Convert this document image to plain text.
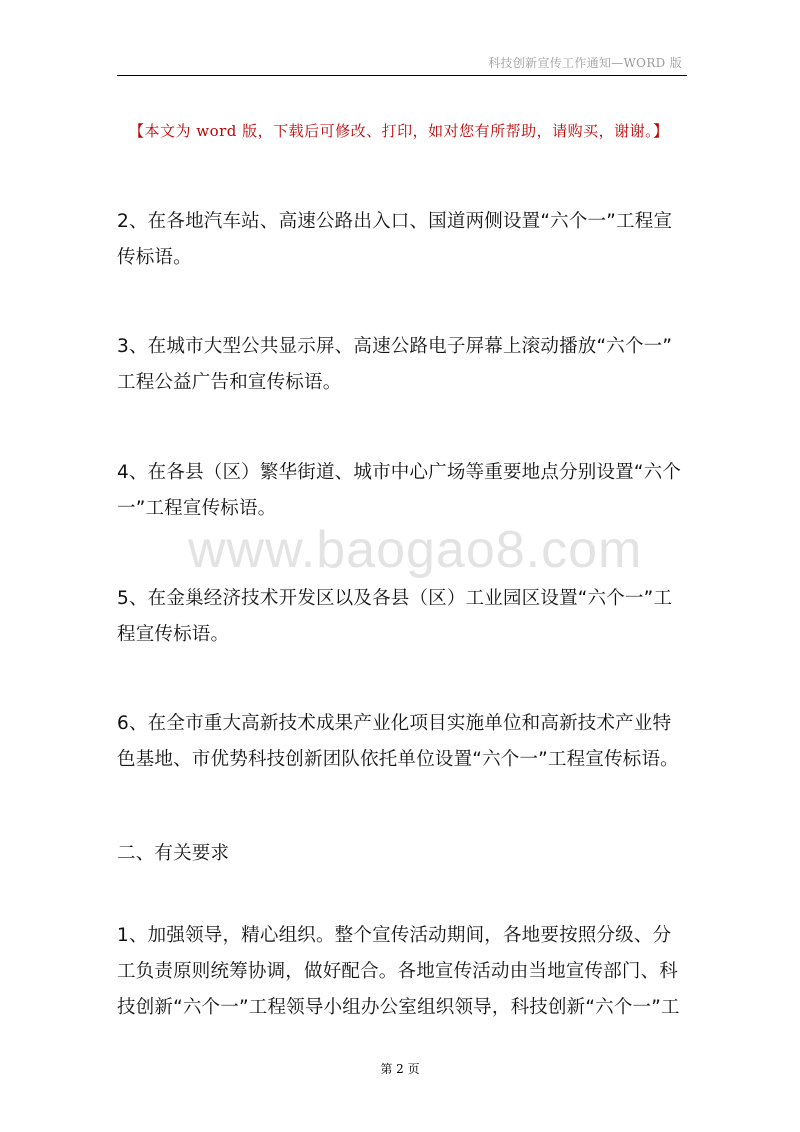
科技创新宣传工作通知—WORD 版
【本文为 word 版，下载后可修改、打印，如对您有所帮助，请购买，谢谢。】
2、在各地汽车站、高速公路出入口、国道两侧设置“六个一”工程宣
传标语。
3、在城市大型公共显示屏、高速公路电子屏幕上滚动播放“六个一”
工程公益广告和宣传标语。
4、在各县（区）繁华街道、城市中心广场等重要地点分别设置“六个
一”工程宣传标语。
5、在金巢经济技术开发区以及各县（区）工业园区设置“六个一”工
程宣传标语。
6、在全市重大高新技术成果产业化项目实施单位和高新技术产业特
色基地、市优势科技创新团队依托单位设置“六个一”工程宣传标语。
二、有关要求
1、加强领导，精心组织。整个宣传活动期间，各地要按照分级、分
工负责原则统筹协调，做好配合。各地宣传活动由当地宣传部门、科
技创新“六个一”工程领导小组办公室组织领导，科技创新“六个一”工
www.baogao8.com
第 2 页
